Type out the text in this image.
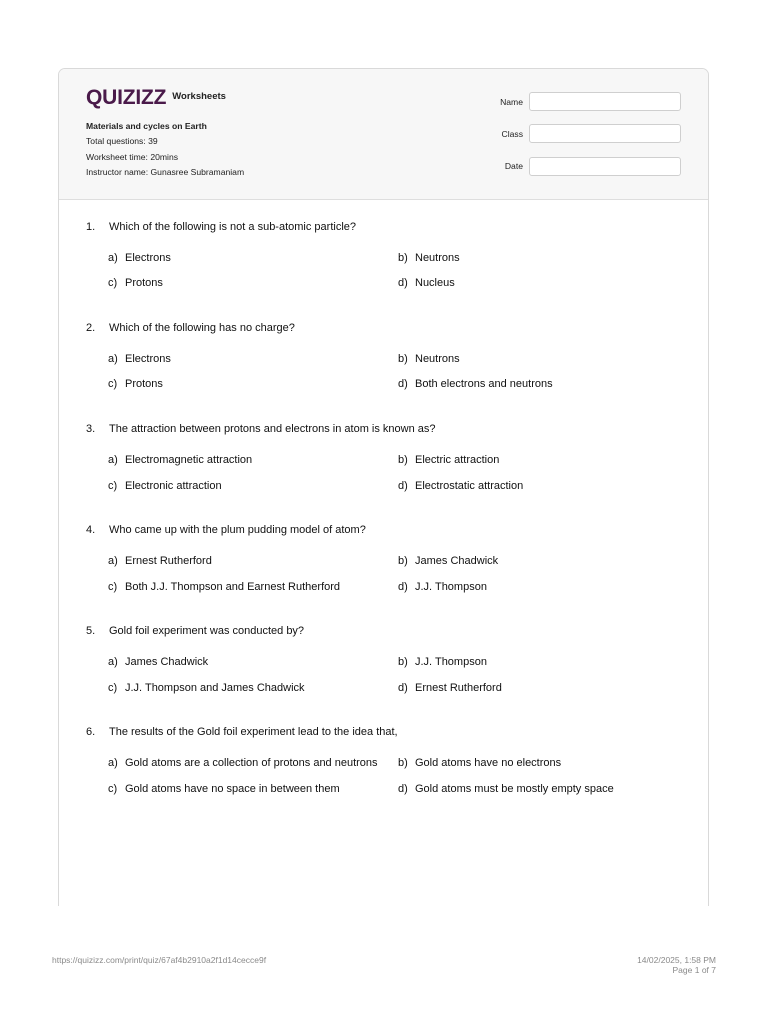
QUIZIZZ Worksheets
Materials and cycles on Earth
Total questions: 39
Worksheet time: 20mins
Instructor name: Gunasree Subramaniam
Name
Class
Date
1.	Which of the following is not a sub-atomic particle?
a) Electrons	b) Neutrons
c) Protons	d) Nucleus
2.	Which of the following has no charge?
a) Electrons	b) Neutrons
c) Protons	d) Both electrons and neutrons
3.	The attraction between protons and electrons in atom is known as?
a) Electromagnetic attraction	b) Electric attraction
c) Electronic attraction	d) Electrostatic attraction
4.	Who came up with the plum pudding model of atom?
a) Ernest Rutherford	b) James Chadwick
c) Both J.J. Thompson and Earnest Rutherford	d) J.J. Thompson
5.	Gold foil experiment was conducted by?
a) James Chadwick	b) J.J. Thompson
c) J.J. Thompson and James Chadwick	d) Ernest Rutherford
6.	The results of the Gold foil experiment lead to the idea that,
a) Gold atoms are a collection of protons and neutrons b) Gold atoms have no electrons
c) Gold atoms have no space in between them	d) Gold atoms must be mostly empty space
https://quizizz.com/print/quiz/67af4b2910a2f1d14cecce9f	14/02/2025, 1:58 PM
Page 1 of 7
